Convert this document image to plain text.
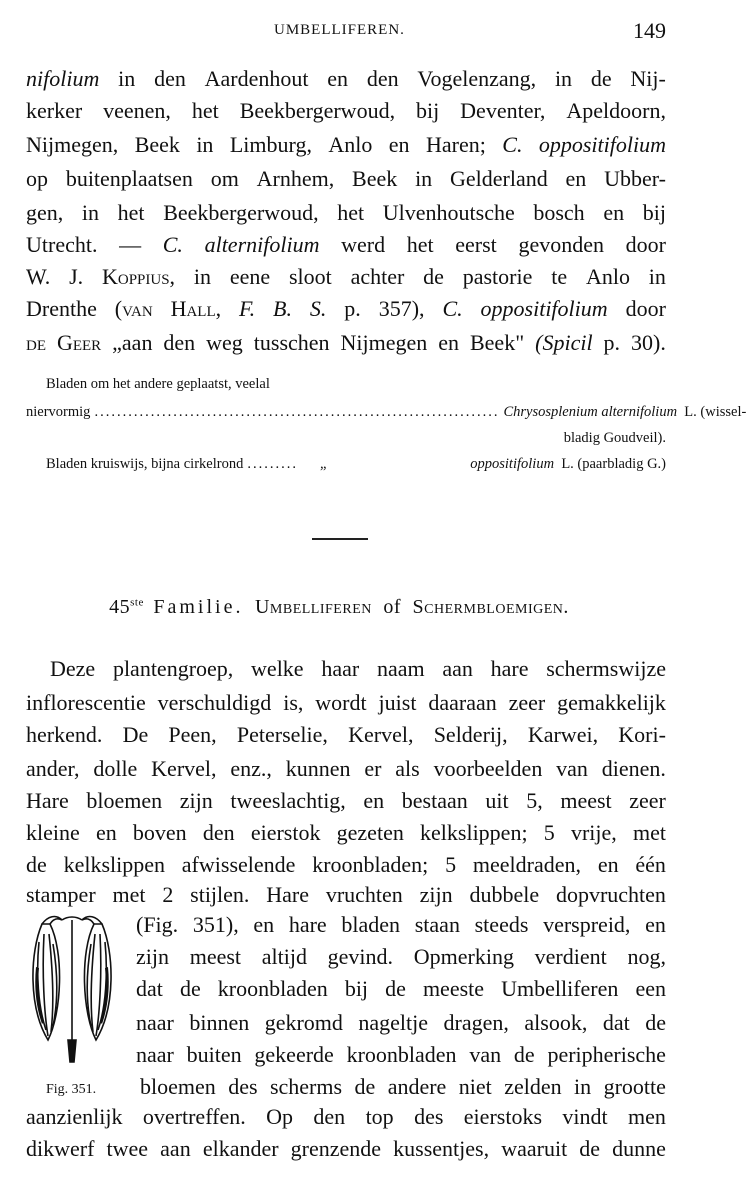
UMBELLIFEREN.	149
nifolium in den Aardenhout en den Vogelenzang, in de Nij-
kerker veenen, het Beekbergerwoud, bij Deventer, Apeldoorn,
Nijmegen, Beek in Limburg, Anlo en Haren; C. oppositifolium
op buitenplaatsen om Arnhem, Beek in Gelderland en Ubber-
gen, in het Beekbergerwoud, het Ulvenhoutsche bosch en bij
Utrecht. — C. alternifolium werd het eerst gevonden door
W. J. Koppius, in eene sloot achter de pastorie te Anlo in
Drenthe (van Hall, F. B. S. p. 357), C. oppositifolium door
de Geer „aan den weg tusschen Nijmegen en Beek" (Spicil p. 30).
Bladen om het andere geplaatst, veelal
niervormig ........................................................................ Chrysosplenium alternifolium L. (wissel-
bladig Goudveil).
Bladen kruiswijs, bijna cirkelrond ......... „	oppositifolium L. (paarbladig G.)
45ste Familie. Umbelliferen of Schermbloemigen.
Deze plantengroep, welke haar naam aan hare schermswijze
inflorescentie verschuldigd is, wordt juist daaraan zeer gemakkelijk
herkend. De Peen, Peterselie, Kervel, Selderij, Karwei, Kori-
ander, dolle Kervel, enz., kunnen er als voorbeelden van dienen.
Hare bloemen zijn tweeslachtig, en bestaan uit 5, meest zeer
kleine en boven den eierstok gezeten kelkslippen; 5 vrije, met
de kelkslippen afwisselende kroonbladen; 5 meeldraden, en één
stamper met 2 stijlen. Hare vruchten zijn dubbele dopvruchten
(Fig. 351), en hare bladen staan steeds verspreid, en
zijn meest altijd gevind. Opmerking verdient nog,
dat de kroonbladen bij de meeste Umbelliferen een
naar binnen gekromd nageltje dragen, alsook, dat de
naar buiten gekeerde kroonbladen van de peripherische
bloemen des scherms de andere niet zelden in grootte
aanzienlijk overtreffen. Op den top des eierstoks vindt men
dikwerf twee aan elkander grenzende kussentjes, waaruit de dunne
Fig. 351.
